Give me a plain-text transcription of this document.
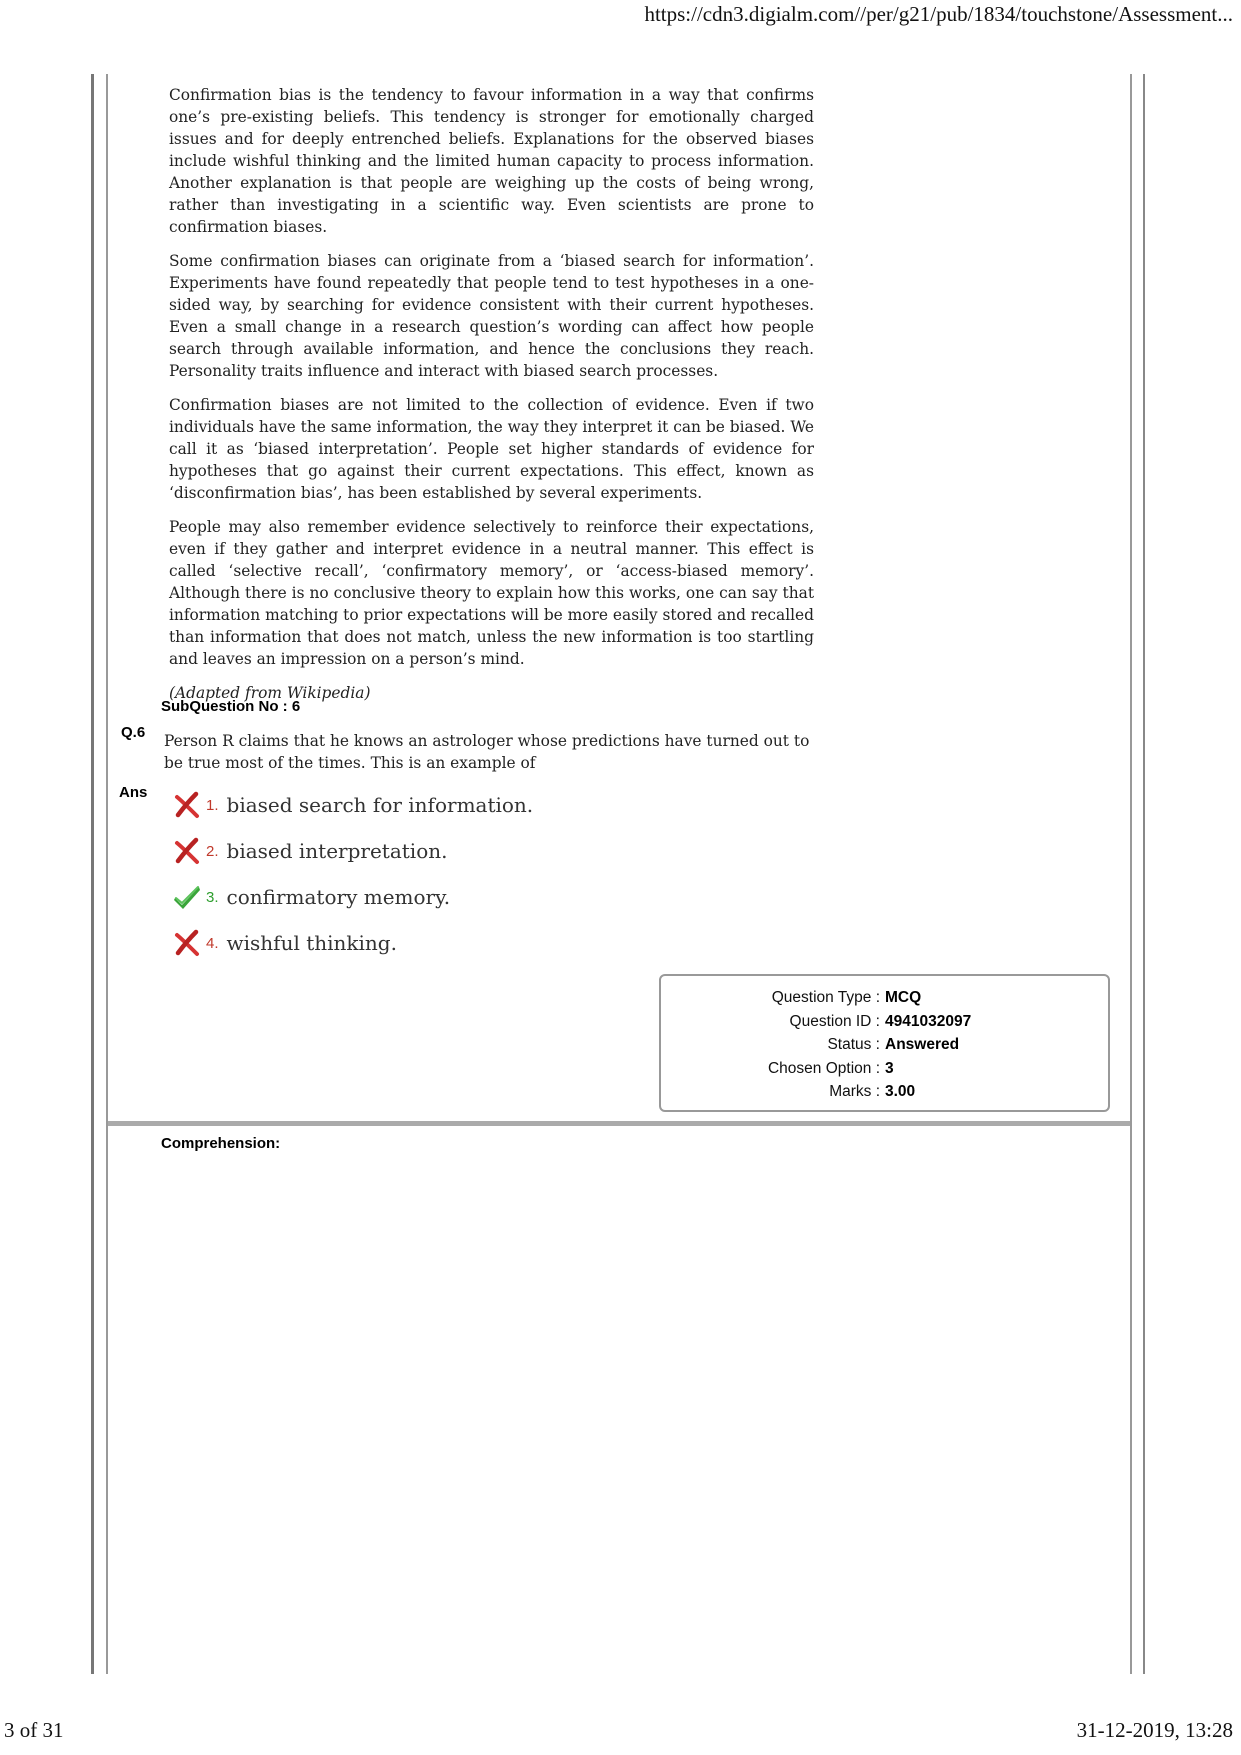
https://cdn3.digialm.com//per/g21/pub/1834/touchstone/Assessment...

Confirmation bias is the tendency to favour information in a way that confirms one’s pre-existing beliefs. This tendency is stronger for emotionally charged issues and for deeply entrenched beliefs. Explanations for the observed biases include wishful thinking and the limited human capacity to process information. Another explanation is that people are weighing up the costs of being wrong, rather than investigating in a scientific way. Even scientists are prone to confirmation biases.

Some confirmation biases can originate from a ‘biased search for information’. Experiments have found repeatedly that people tend to test hypotheses in a one-sided way, by searching for evidence consistent with their current hypotheses. Even a small change in a research question’s wording can affect how people search through available information, and hence the conclusions they reach. Personality traits influence and interact with biased search processes.

Confirmation biases are not limited to the collection of evidence. Even if two individuals have the same information, the way they interpret it can be biased. We call it as ‘biased interpretation’. People set higher standards of evidence for hypotheses that go against their current expectations. This effect, known as ‘disconfirmation bias’, has been established by several experiments.

People may also remember evidence selectively to reinforce their expectations, even if they gather and interpret evidence in a neutral manner. This effect is called ‘selective recall’, ‘confirmatory memory’, or ‘access-biased memory’. Although there is no conclusive theory to explain how this works, one can say that information matching to prior expectations will be more easily stored and recalled than information that does not match, unless the new information is too startling and leaves an impression on a person’s mind.

(Adapted from Wikipedia)

SubQuestion No : 6
Q.6 Person R claims that he knows an astrologer whose predictions have turned out to be true most of the times. This is an example of
Ans
1. biased search for information.
2. biased interpretation.
3. confirmatory memory.
4. wishful thinking.
Question Type : MCQ
Question ID : 4941032097
Status : Answered
Chosen Option : 3
Marks : 3.00
Comprehension:
3 of 31	31-12-2019, 13:28
